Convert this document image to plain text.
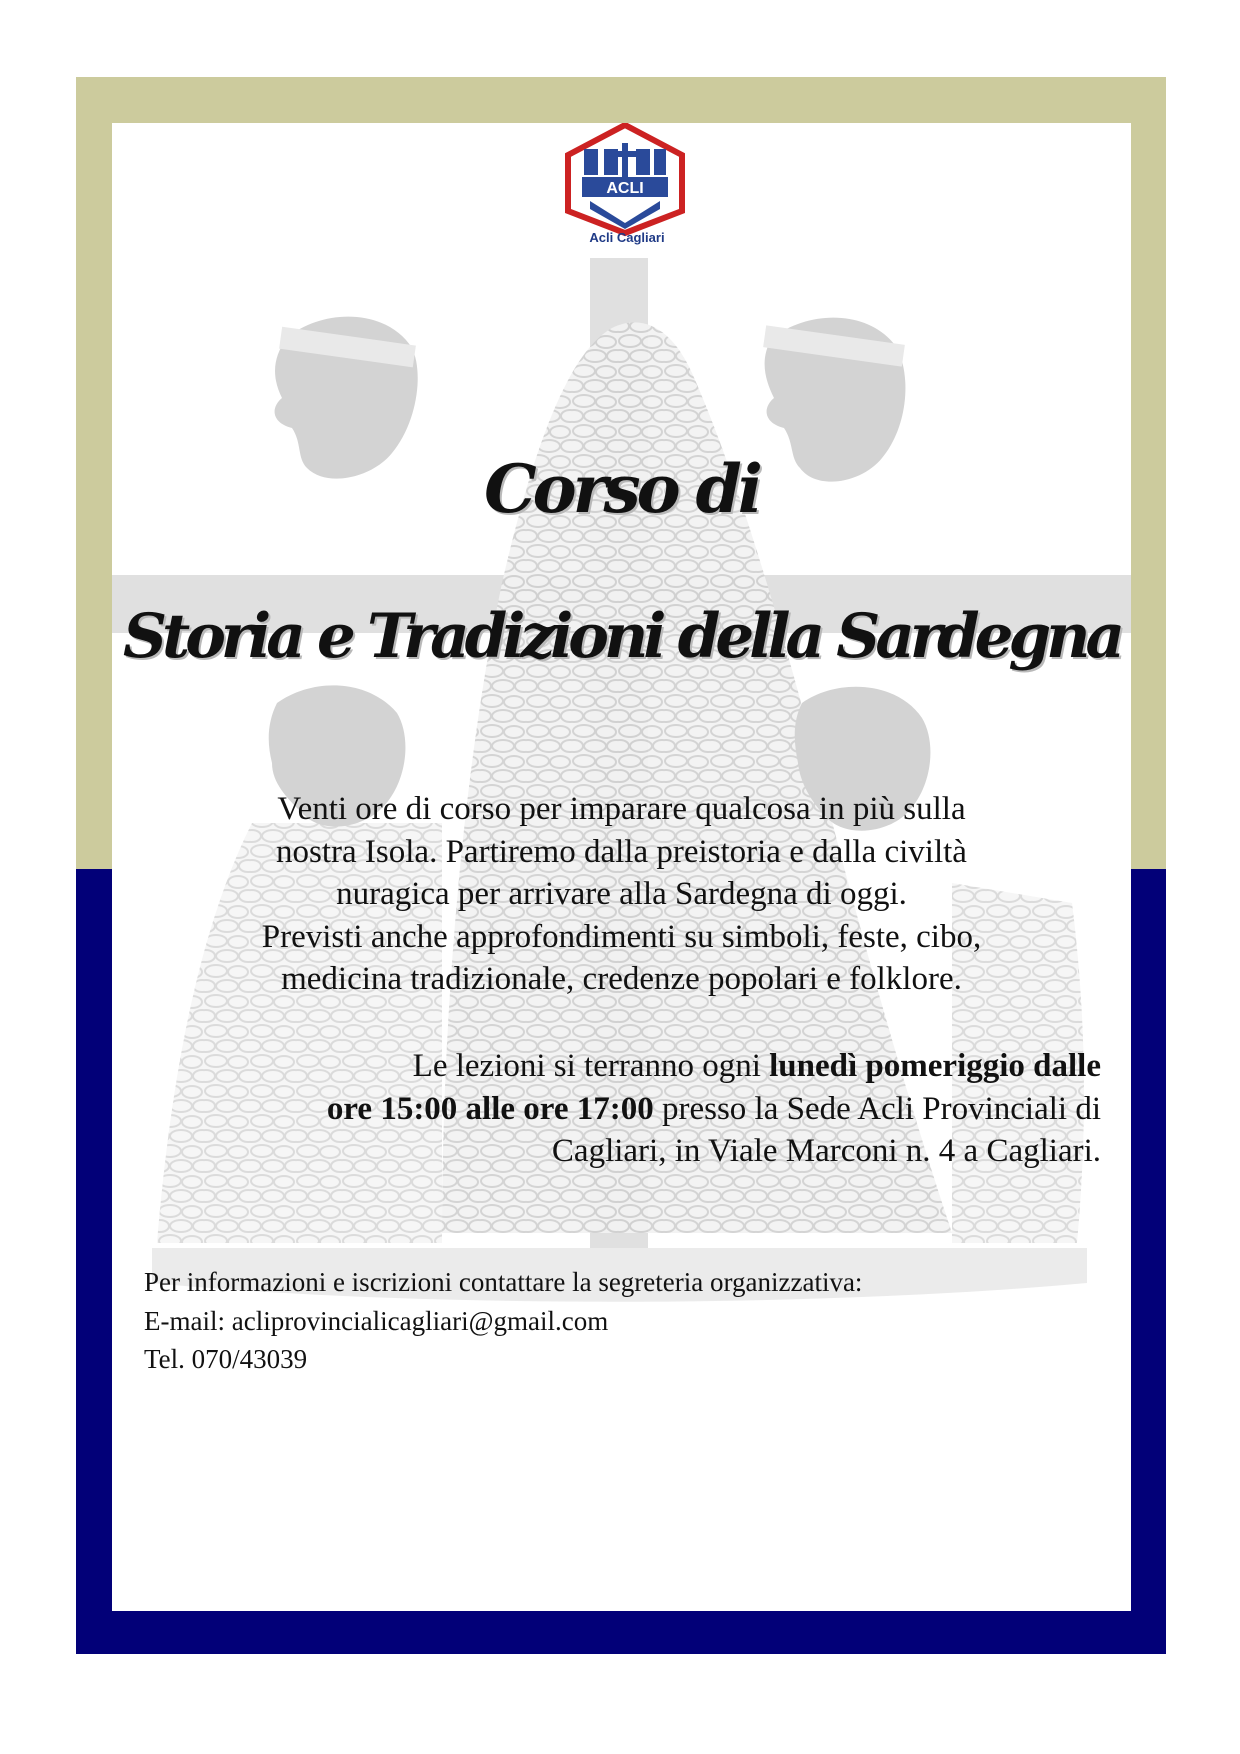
ACLI
Acli Cagliari
Corso di
Storia e Tradizioni della Sardegna
Venti ore di corso per imparare qualcosa in più sulla
nostra Isola. Partiremo dalla preistoria e dalla civiltà
nuragica per arrivare alla Sardegna di oggi.
Previsti anche approfondimenti su simboli, feste, cibo,
medicina tradizionale, credenze popolari e folklore.
Le lezioni si terranno ogni lunedì pomeriggio dalle
ore 15:00 alle ore 17:00 presso la Sede Acli Provinciali di
Cagliari, in Viale Marconi n. 4 a Cagliari.
Per informazioni e iscrizioni contattare la segreteria organizzativa:
E-mail: acliprovincialicagliari@gmail.com
Tel. 070/43039
